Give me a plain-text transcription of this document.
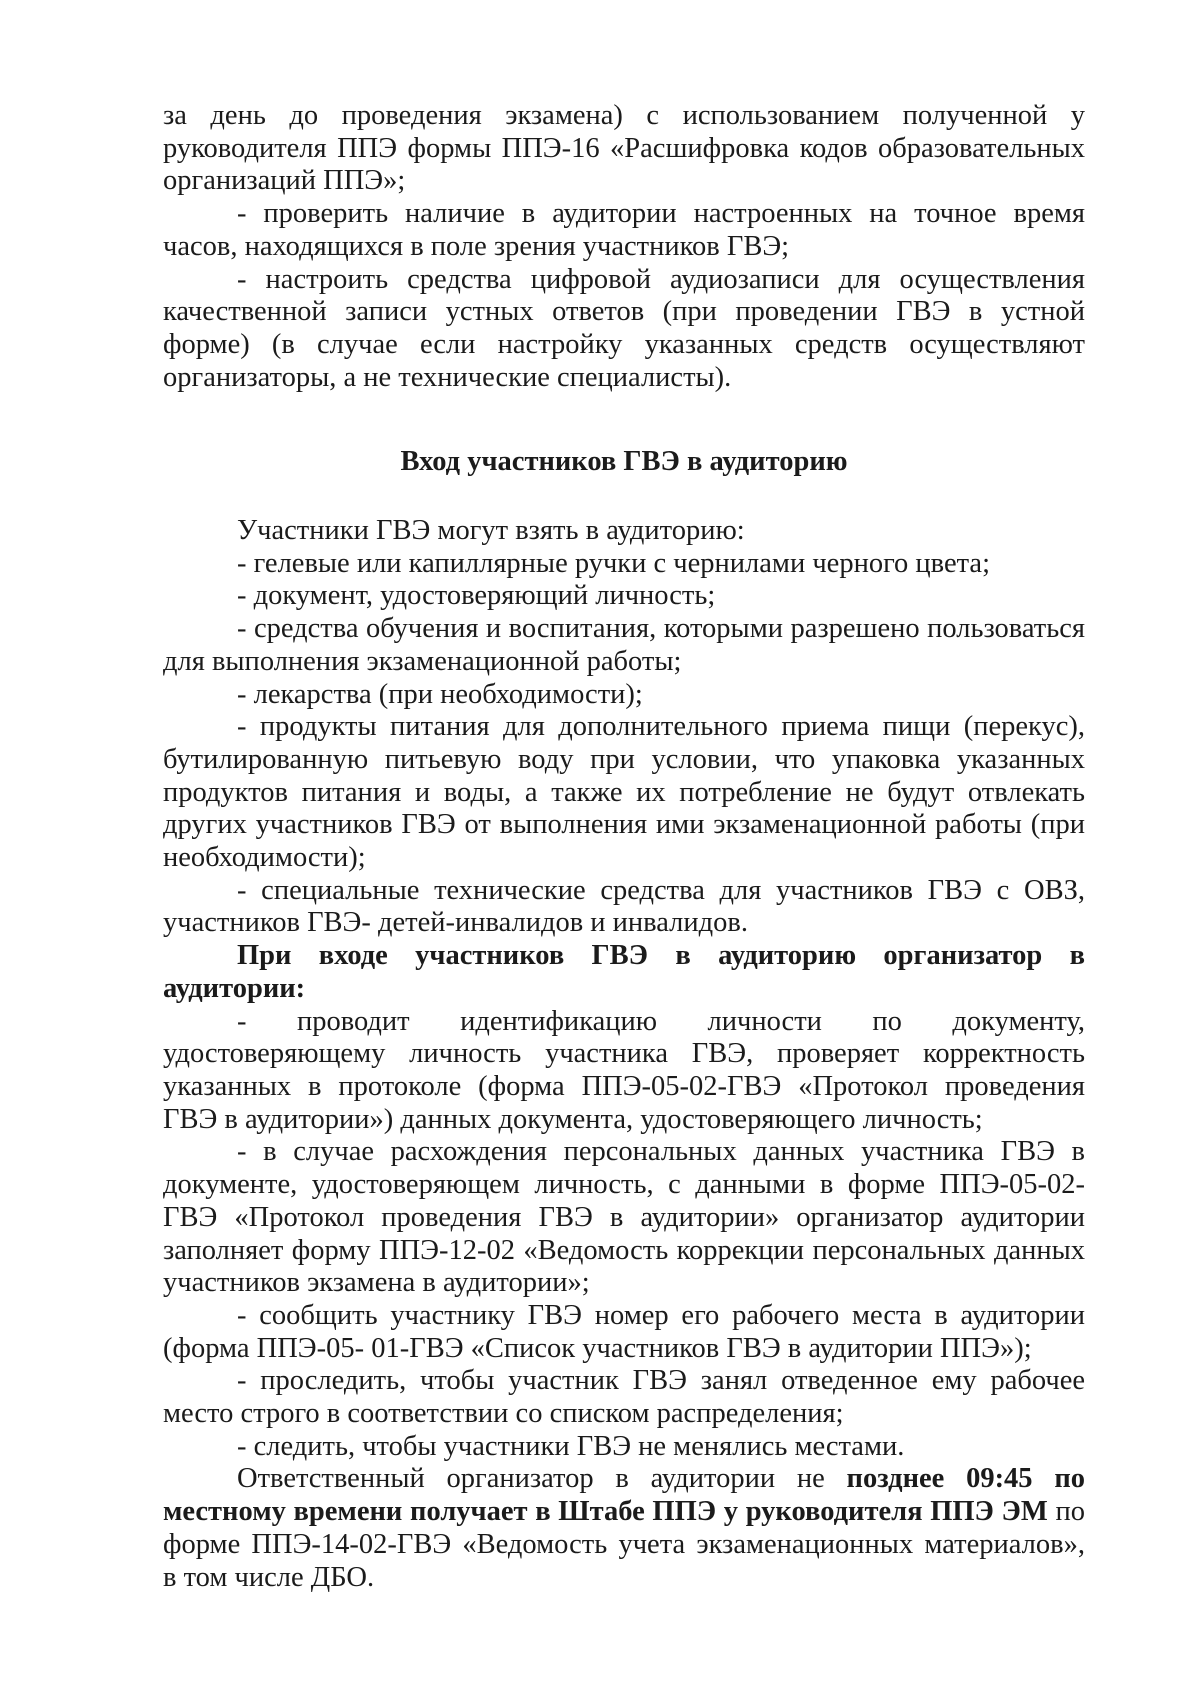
за день до проведения экзамена) с использованием полученной у руководителя ППЭ формы ППЭ-16 «Расшифровка кодов образовательных организаций ППЭ»;

- проверить наличие в аудитории настроенных на точное время часов, находящихся в поле зрения участников ГВЭ;

- настроить средства цифровой аудиозаписи для осуществления качественной записи устных ответов (при проведении ГВЭ в устной форме) (в случае если настройку указанных средств осуществляют организаторы, а не технические специалисты).

Вход участников ГВЭ в аудиторию

Участники ГВЭ могут взять в аудиторию:

- гелевые или капиллярные ручки с чернилами черного цвета;

- документ, удостоверяющий личность;

- средства обучения и воспитания, которыми разрешено пользоваться для выполнения экзаменационной работы;

- лекарства (при необходимости);

- продукты питания для дополнительного приема пищи (перекус), бутилированную питьевую воду при условии, что упаковка указанных продуктов питания и воды, а также их потребление не будут отвлекать других участников ГВЭ от выполнения ими экзаменационной работы (при необходимости);

- специальные технические средства для участников ГВЭ с ОВЗ, участников ГВЭ- детей-инвалидов и инвалидов.

При входе участников ГВЭ в аудиторию организатор в аудитории:

- проводит идентификацию личности по документу, удостоверяющему личность участника ГВЭ, проверяет корректность указанных в протоколе (форма ППЭ-05-02-ГВЭ «Протокол проведения ГВЭ в аудитории») данных документа, удостоверяющего личность;

- в случае расхождения персональных данных участника ГВЭ в документе, удостоверяющем личность, с данными в форме ППЭ-05-02-ГВЭ «Протокол проведения ГВЭ в аудитории» организатор аудитории заполняет форму ППЭ-12-02 «Ведомость коррекции персональных данных участников экзамена в аудитории»;

- сообщить участнику ГВЭ номер его рабочего места в аудитории (форма ППЭ-05- 01-ГВЭ «Список участников ГВЭ в аудитории ППЭ»);

- проследить, чтобы участник ГВЭ занял отведенное ему рабочее место строго в соответствии со списком распределения;

- следить, чтобы участники ГВЭ не менялись местами.

Ответственный организатор в аудитории не позднее 09:45 по местному времени получает в Штабе ППЭ у руководителя ППЭ ЭМ по форме ППЭ-14-02-ГВЭ «Ведомость учета экзаменационных материалов», в том числе ДБО.
